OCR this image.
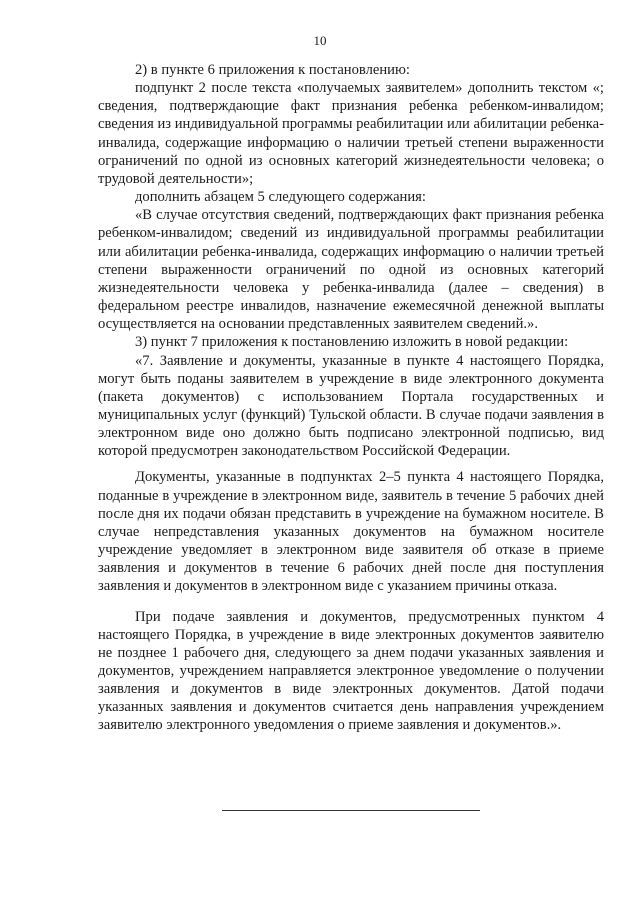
10

2) в пункте 6 приложения к постановлению:

подпункт 2 после текста «получаемых заявителем» дополнить текстом «; сведения, подтверждающие факт признания ребенка ребенком-инвалидом; сведения из индивидуальной программы реабилитации или абилитации ребенка-инвалида, содержащие информацию о наличии третьей степени выраженности ограничений по одной из основных категорий жизнедеятельности человека; о трудовой деятельности»;

дополнить абзацем 5 следующего содержания:

«В случае отсутствия сведений, подтверждающих факт признания ребенка ребенком-инвалидом; сведений из индивидуальной программы реабилитации или абилитации ребенка-инвалида, содержащих информацию о наличии третьей степени выраженности ограничений по одной из основных категорий жизнедеятельности человека у ребенка-инвалида (далее – сведения) в федеральном реестре инвалидов, назначение ежемесячной денежной выплаты осуществляется на основании представленных заявителем сведений.».

3) пункт 7 приложения к постановлению изложить в новой редакции:

«7. Заявление и документы, указанные в пункте 4 настоящего Порядка, могут быть поданы заявителем в учреждение в виде электронного документа (пакета документов) с использованием Портала государственных и муниципальных услуг (функций) Тульской области. В случае подачи заявления в электронном виде оно должно быть подписано электронной подписью, вид которой предусмотрен законодательством Российской Федерации.

Документы, указанные в подпунктах 2–5 пункта 4 настоящего Порядка, поданные в учреждение в электронном виде, заявитель в течение 5 рабочих дней после дня их подачи обязан представить в учреждение на бумажном носителе. В случае непредставления указанных документов на бумажном носителе учреждение уведомляет в электронном виде заявителя об отказе в приеме заявления и документов в течение 6 рабочих дней после дня поступления заявления и документов в электронном виде с указанием причины отказа.

При подаче заявления и документов, предусмотренных пунктом 4 настоящего Порядка, в учреждение в виде электронных документов заявителю не позднее 1 рабочего дня, следующего за днем подачи указанных заявления и документов, учреждением направляется электронное уведомление о получении заявления и документов в виде электронных документов. Датой подачи указанных заявления и документов считается день направления учреждением заявителю электронного уведомления о приеме заявления и документов.».
